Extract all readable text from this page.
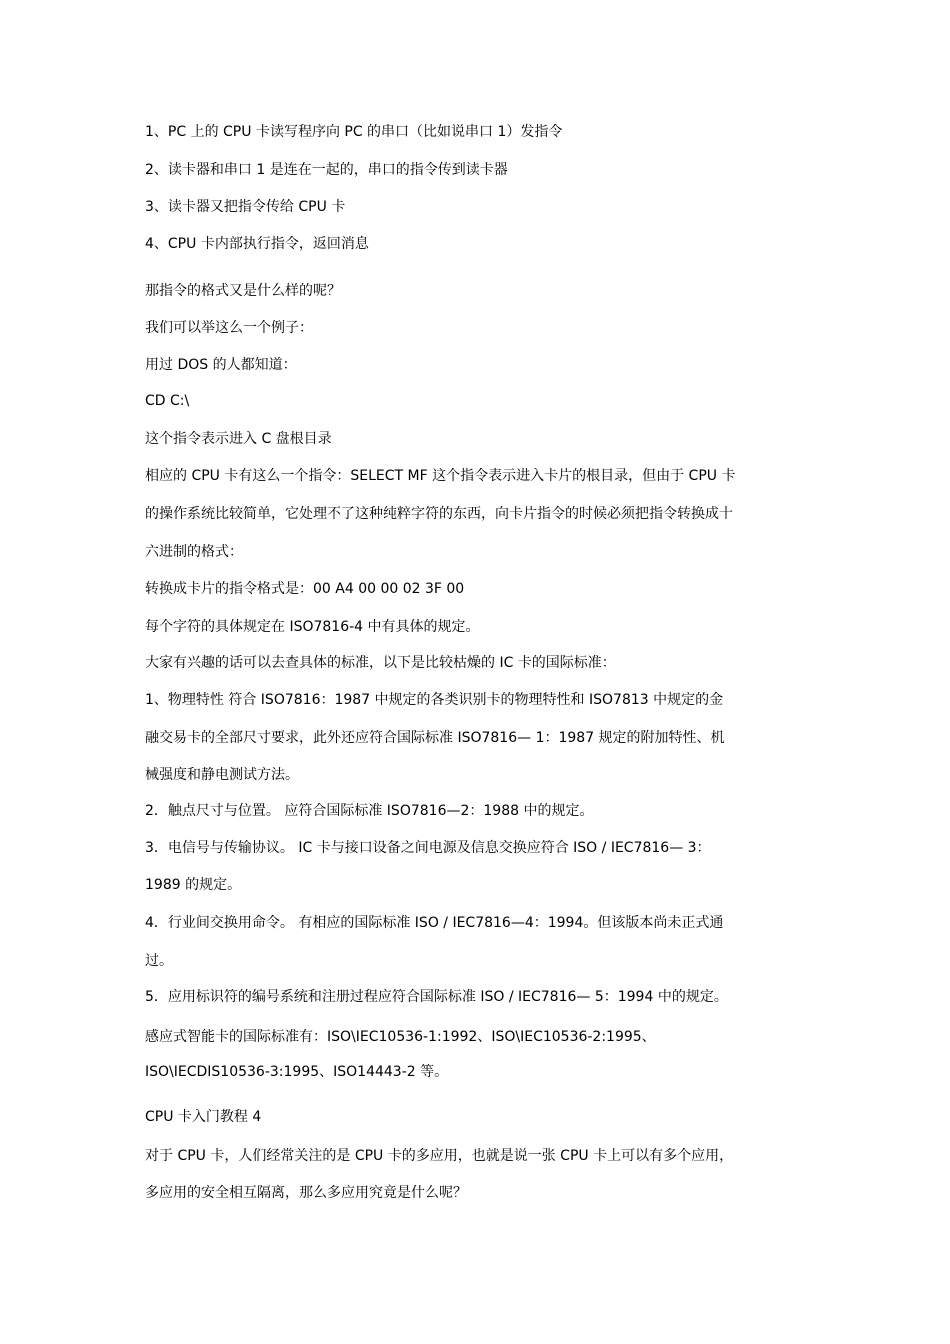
1、PC 上的 CPU 卡读写程序向 PC 的串口（比如说串口 1）发指令

2、读卡器和串口 1 是连在一起的，串口的指令传到读卡器

3、读卡器又把指令传给 CPU 卡

4、CPU 卡内部执行指令，返回消息

那指令的格式又是什么样的呢？

我们可以举这么一个例子：

用过 DOS 的人都知道：

CD C:\

这个指令表示进入 C 盘根目录

相应的 CPU 卡有这么一个指令：SELECT MF 这个指令表示进入卡片的根目录，但由于 CPU 卡

的操作系统比较简单，它处理不了这种纯粹字符的东西，向卡片指令的时候必须把指令转换成十

六进制的格式：

转换成卡片的指令格式是：00 A4 00 00 02 3F 00

每个字符的具体规定在 ISO7816-4 中有具体的规定。

大家有兴趣的话可以去查具体的标准，以下是比较枯燥的 IC 卡的国际标准：

1、物理特性 符合 ISO7816：1987 中规定的各类识别卡的物理特性和 ISO7813 中规定的金

融交易卡的全部尺寸要求，此外还应符合国际标准 ISO7816— 1：1987 规定的附加特性、机

械强度和静电测试方法。

2．触点尺寸与位置。 应符合国际标准 ISO7816—2：1988 中的规定。

3．电信号与传输协议。 IC 卡与接口设备之间电源及信息交换应符合 ISO / IEC7816— 3：

1989 的规定。

4．行业间交换用命令。 有相应的国际标准 ISO / IEC7816—4：1994。但该版本尚未正式通

过。

5．应用标识符的编号系统和注册过程应符合国际标准 ISO / IEC7816— 5：1994 中的规定。

感应式智能卡的国际标准有：ISO\IEC10536-1:1992、ISO\IEC10536-2:1995、

ISO\IECDIS10536-3:1995、ISO14443-2 等。

CPU 卡入门教程 4

对于 CPU 卡，人们经常关注的是 CPU 卡的多应用，也就是说一张 CPU 卡上可以有多个应用，

多应用的安全相互隔离，那么多应用究竟是什么呢？
